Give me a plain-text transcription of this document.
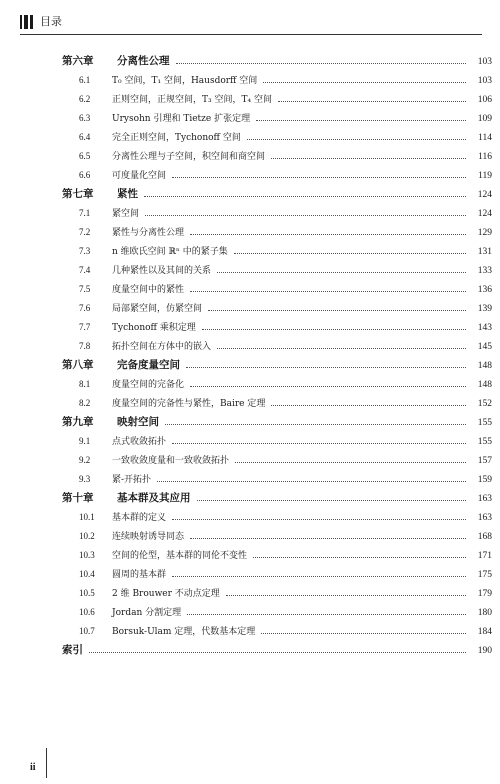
目录
第六章	分离性公理	103
6.1	T₀ 空间，T₁ 空间，Hausdorff 空间	103
6.2	正则空间，正规空间，T₃ 空间，T₄ 空间	106
6.3	Urysohn 引理和 Tietze 扩张定理	109
6.4	完全正则空间，Tychonoff 空间	114
6.5	分离性公理与子空间，积空间和商空间	116
6.6	可度量化空间	119
第七章	紧性	124
7.1	紧空间	124
7.2	紧性与分离性公理	129
7.3	n 维欧氏空间 ℝⁿ 中的紧子集	131
7.4	几种紧性以及其间的关系	133
7.5	度量空间中的紧性	136
7.6	局部紧空间，仿紧空间	139
7.7	Tychonoff 乘积定理	143
7.8	拓扑空间在方体中的嵌入	145
第八章	完备度量空间	148
8.1	度量空间的完备化	148
8.2	度量空间的完备性与紧性，Baire 定理	152
第九章	映射空间	155
9.1	点式收敛拓扑	155
9.2	一致收敛度量和一致收敛拓扑	157
9.3	紧-开拓扑	159
第十章	基本群及其应用	163
10.1	基本群的定义	163
10.2	连续映射诱导同态	168
10.3	空间的伦型，基本群的同伦不变性	171
10.4	圆周的基本群	175
10.5	2 维 Brouwer 不动点定理	179
10.6	Jordan 分割定理	180
10.7	Borsuk-Ulam 定理，代数基本定理	184
索引	190
ii
